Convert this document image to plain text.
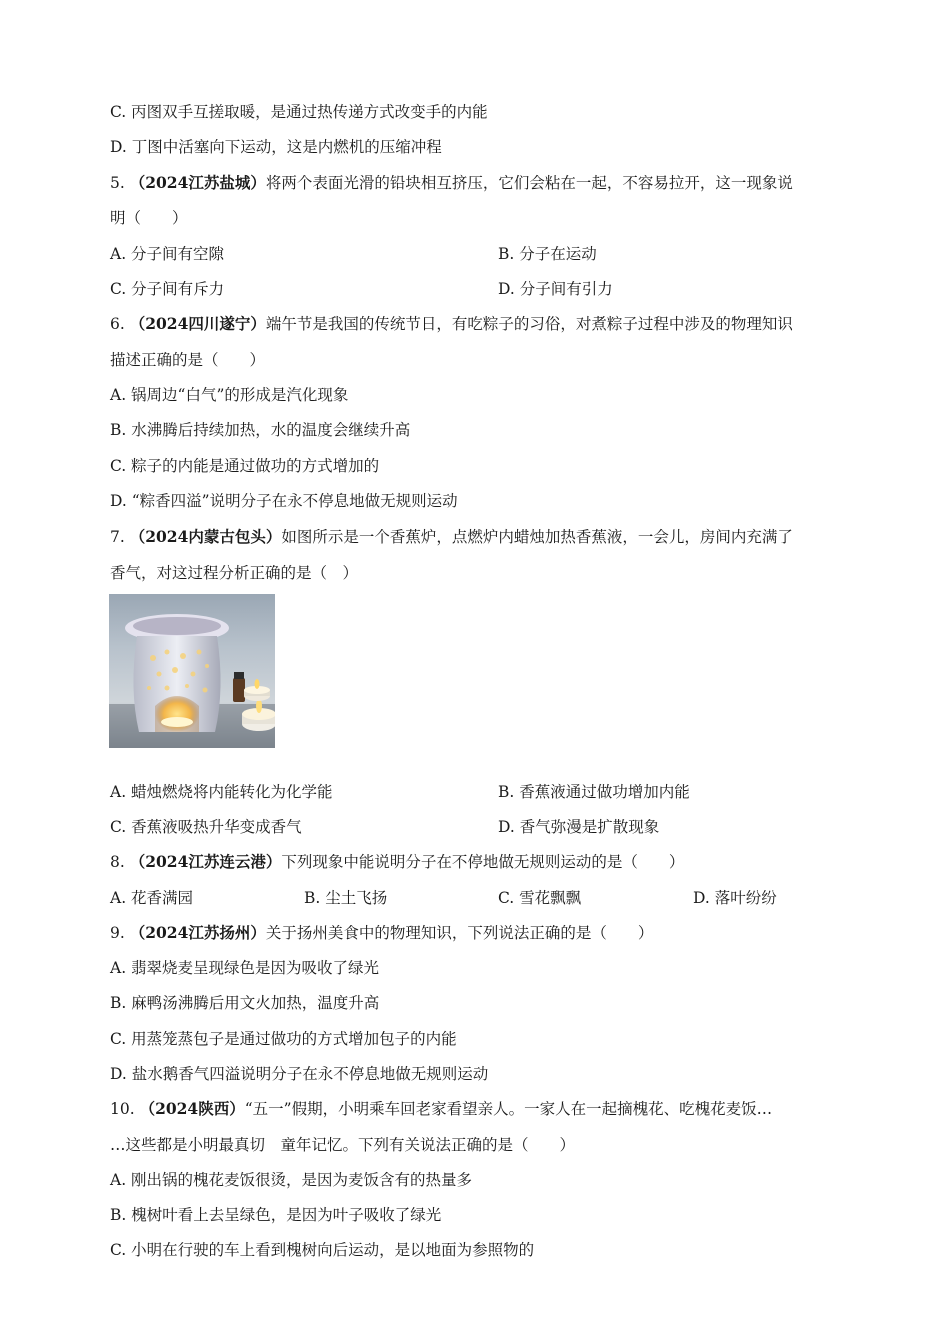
C. 丙图双手互搓取暖，是通过热传递方式改变手的内能
D. 丁图中活塞向下运动，这是内燃机的压缩冲程
5. （2024江苏盐城）将两个表面光滑的铅块相互挤压，它们会粘在一起，不容易拉开，这一现象说
明（　　）
A. 分子间有空隙	B. 分子在运动
C. 分子间有斥力	D. 分子间有引力
6. （2024四川遂宁）端午节是我国的传统节日，有吃粽子的习俗，对煮粽子过程中涉及的物理知识
描述正确的是（　　）
A. 锅周边“白气”的形成是汽化现象
B. 水沸腾后持续加热，水的温度会继续升高
C. 粽子的内能是通过做功的方式增加的
D. “粽香四溢”说明分子在永不停息地做无规则运动
7. （2024内蒙古包头）如图所示是一个香蕉炉，点燃炉内蜡烛加热香蕉液，一会儿，房间内充满了
香气，对这过程分析正确的是（　）
A. 蜡烛燃烧将内能转化为化学能	B. 香蕉液通过做功增加内能
C. 香蕉液吸热升华变成香气	D. 香气弥漫是扩散现象
8. （2024江苏连云港）下列现象中能说明分子在不停地做无规则运动的是（　　）
A. 花香满园	B. 尘土飞扬	C. 雪花飘飘	D. 落叶纷纷
9. （2024江苏扬州）关于扬州美食中的物理知识，下列说法正确的是（　　）
A. 翡翠烧麦呈现绿色是因为吸收了绿光
B. 麻鸭汤沸腾后用文火加热，温度升高
C. 用蒸笼蒸包子是通过做功的方式增加包子的内能
D. 盐水鹅香气四溢说明分子在永不停息地做无规则运动
10. （2024陕西）“五一”假期，小明乘车回老家看望亲人。一家人在一起摘槐花、吃槐花麦饭…
…这些都是小明最真切　童年记忆。下列有关说法正确的是（　　）
A. 刚出锅的槐花麦饭很烫，是因为麦饭含有的热量多
B. 槐树叶看上去呈绿色，是因为叶子吸收了绿光
C. 小明在行驶的车上看到槐树向后运动，是以地面为参照物的
